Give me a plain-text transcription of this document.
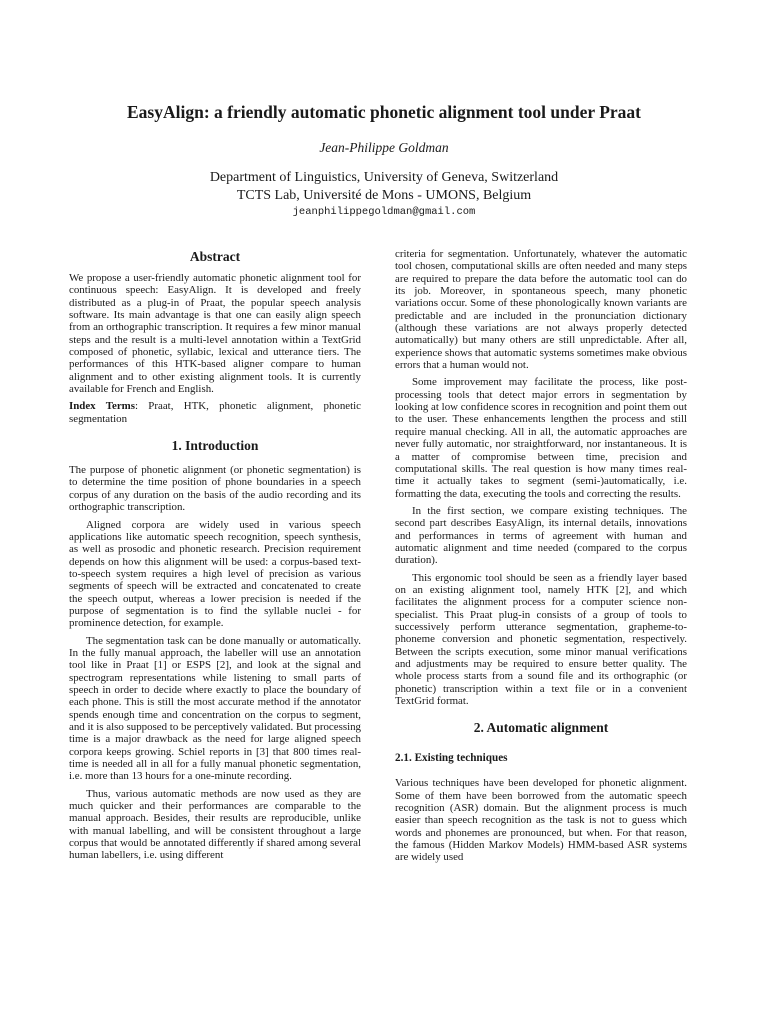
EasyAlign: a friendly automatic phonetic alignment tool under Praat
Jean-Philippe Goldman
Department of Linguistics, University of Geneva, Switzerland
TCTS Lab, Université de Mons - UMONS, Belgium
jeanphilippegoldman@gmail.com
Abstract

We propose a user-friendly automatic phonetic alignment tool for continuous speech: EasyAlign. It is developed and freely distributed as a plug-in of Praat, the popular speech analysis software. Its main advantage is that one can easily align speech from an orthographic transcription. It requires a few minor manual steps and the result is a multi-level annotation within a TextGrid composed of phonetic, syllabic, lexical and utterance tiers. The performances of this HTK-based aligner compare to human alignment and to other existing alignment tools. It is currently available for French and English.

Index Terms: Praat, HTK, phonetic alignment, phonetic segmentation

1. Introduction

The purpose of phonetic alignment (or phonetic segmentation) is to determine the time position of phone boundaries in a speech corpus of any duration on the basis of the audio recording and its orthographic transcription.

Aligned corpora are widely used in various speech applications like automatic speech recognition, speech synthesis, as well as prosodic and phonetic research. Precision requirement depends on how this alignment will be used: a corpus-based text-to-speech system requires a high level of precision as various segments of speech will be extracted and concatenated to create the speech output, whereas a lower precision is needed if the purpose of segmentation is to find the syllable nuclei - for prominence detection, for example.

The segmentation task can be done manually or automatically. In the fully manual approach, the labeller will use an annotation tool like in Praat [1] or ESPS [2], and look at the signal and spectrogram representations while listening to small parts of speech in order to decide where exactly to place the boundary of each phone. This is still the most accurate method if the annotator spends enough time and concentration on the corpus to segment, and it is also supposed to be perceptively validated. But processing time is a major drawback as the need for large aligned speech corpora keeps growing. Schiel reports in [3] that 800 times real-time is needed all in all for a fully manual phonetic segmentation, i.e. more than 13 hours for a one-minute recording.

Thus, various automatic methods are now used as they are much quicker and their performances are comparable to the manual approach. Besides, their results are reproducible, unlike with manual labelling, and will be consistent throughout a large corpus that would be annotated differently if shared among several human labellers, i.e. using different

criteria for segmentation. Unfortunately, whatever the automatic tool chosen, computational skills are often needed and many steps are required to prepare the data before the automatic tool can do its job. Moreover, in spontaneous speech, many phonetic variations occur. Some of these phonologically known variants are predictable and are included in the pronunciation dictionary (although these variations are not always properly detected automatically) but many others are still unpredictable. After all, experience shows that automatic systems sometimes make obvious errors that a human would not.

Some improvement may facilitate the process, like post-processing tools that detect major errors in segmentation by looking at low confidence scores in recognition and point them out to the user. These enhancements lengthen the process and still require manual checking. All in all, the automatic approaches are never fully automatic, nor straightforward, nor instantaneous. It is a matter of compromise between time, precision and computational skills. The real question is how many times real-time it actually takes to segment (semi-)automatically, i.e. formatting the data, executing the tools and correcting the results.

In the first section, we compare existing techniques. The second part describes EasyAlign, its internal details, innovations and performances in terms of agreement with human and automatic alignment and time needed (compared to the corpus duration).

This ergonomic tool should be seen as a friendly layer based on an existing alignment tool, namely HTK [2], and which facilitates the alignment process for a computer science non-specialist. This Praat plug-in consists of a group of tools to successively perform utterance segmentation, grapheme-to-phoneme conversion and phonetic segmentation, respectively. Between the scripts execution, some minor manual verifications and adjustments may be required to ensure better quality. The whole process starts from a sound file and its orthographic (or phonetic) transcription within a text file or in a convenient TextGrid format.

2. Automatic alignment
2.1. Existing techniques

Various techniques have been developed for phonetic alignment. Some of them have been borrowed from the automatic speech recognition (ASR) domain. But the alignment process is much easier than speech recognition as the task is not to guess which words and phonemes are pronounced, but when. For that reason, the famous (Hidden Markov Models) HMM-based ASR systems are widely used
